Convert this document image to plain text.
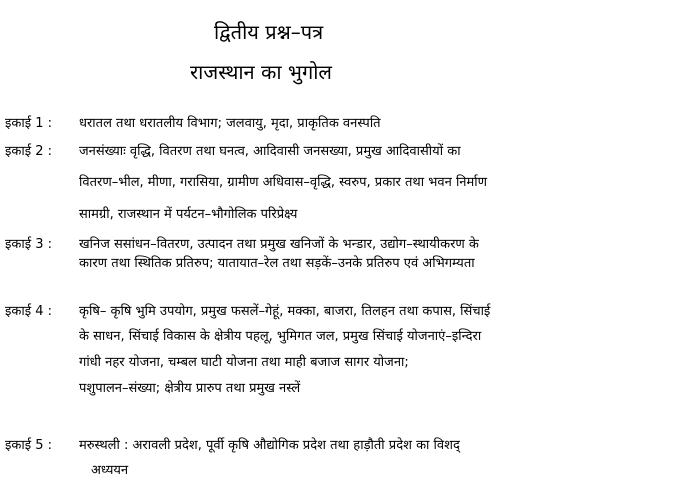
द्वितीय प्रश्न–पत्र
राजस्थान का भुगोल
इकाई 1 : धरातल तथा धरातलीय विभाग; जलवायु, मृदा, प्राकृतिक वनस्पति
इकाई 2 : जनसंख्याः वृद्धि, वितरण तथा घनत्व, आदिवासी जनसख्या, प्रमुख आदिवासीयों का
वितरण–भील, मीणा, गरासिया, ग्रामीण अधिवास–वृद्धि, स्वरुप, प्रकार तथा भवन निर्माण
सामग्री, राजस्थान में पर्यटन–भौगोलिक परिप्रेक्ष्य
इकाई 3 : खनिज ससांधन–वितरण, उत्पादन तथा प्रमुख खनिजों के भन्डार, उद्योग–स्थायीकरण के
कारण तथा स्थितिक प्रतिरुप; यातायात–रेल तथा सड़कें–उनके प्रतिरुप एवं अभिगम्यता
इकाई 4 : कृषि– कृषि भुमि उपयोग, प्रमुख फसलें–गेहूं, मक्का, बाजरा, तिलहन तथा कपास, सिंचाई
के साधन, सिंचाई विकास के क्षेत्रीय पहलू, भुमिगत जल, प्रमुख सिंचाई योजनाएं–इन्दिरा
गांधी नहर योजना, चम्बल घाटी योजना तथा माही बजाज सागर योजना;
पशुपालन–संख्या; क्षेत्रीय प्रारुप तथा प्रमुख नस्लें
इकाई 5 : मरुस्थली : अरावली प्रदेश, पूर्वी कृषि औद्योगिक प्रदेश तथा हाड़ौती प्रदेश का विशद्
अध्ययन
